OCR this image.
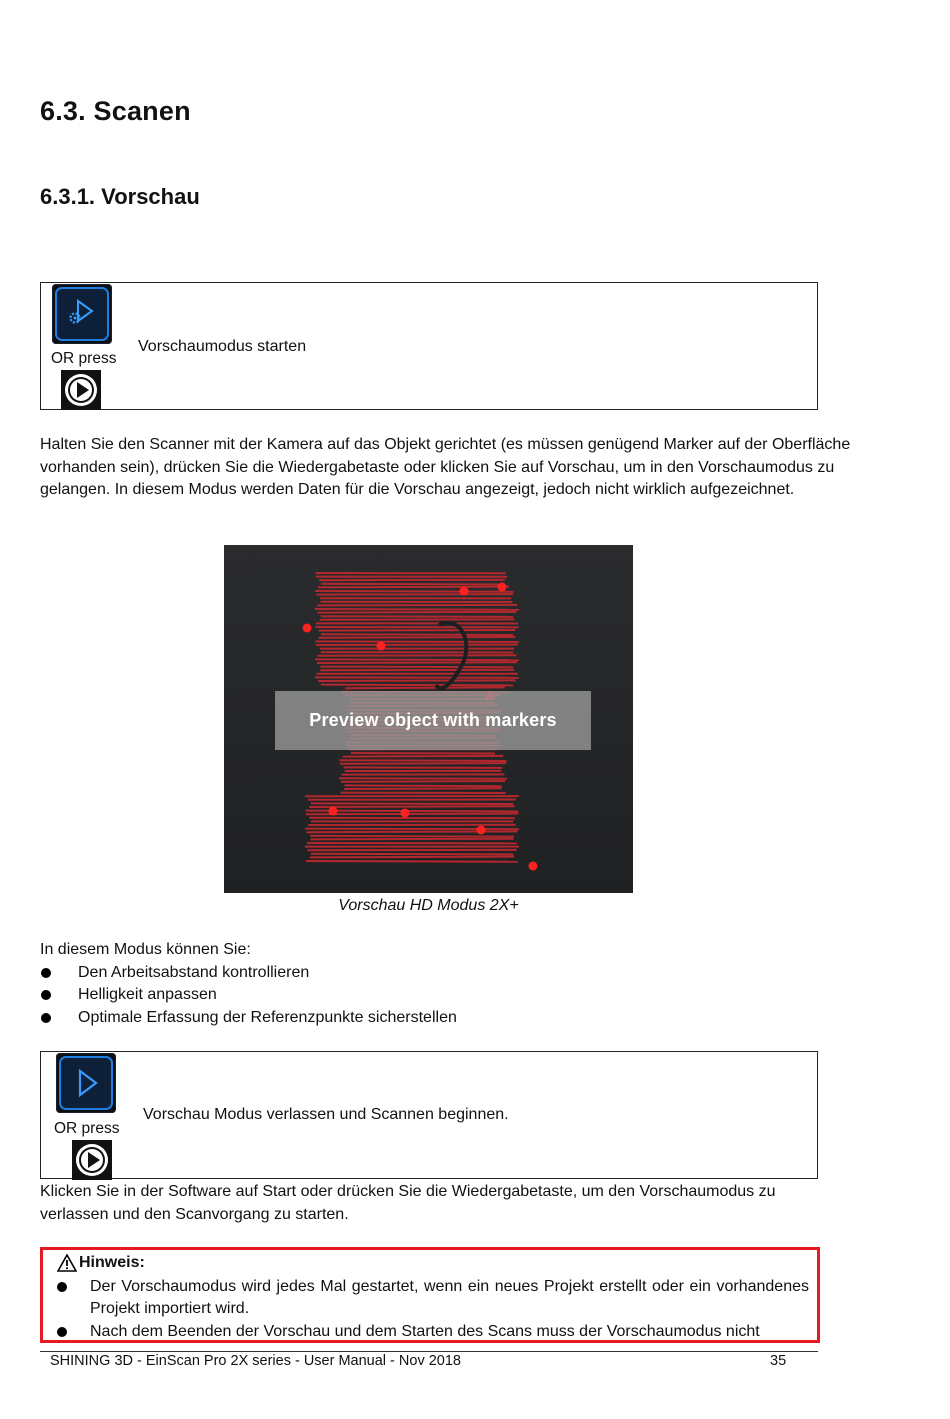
6.3. Scanen
6.3.1. Vorschau
OR press
Vorschaumodus starten

Halten Sie den Scanner mit der Kamera auf das Objekt gerichtet (es müssen genügend Marker auf der Oberfläche vorhanden sein), drücken Sie die Wiedergabetaste oder klicken Sie auf Vorschau, um in den Vorschaumodus zu gelangen. In diesem Modus werden Daten für die Vorschau angezeigt, jedoch nicht wirklich aufgezeichnet.

Preview object with markers
Vorschau HD Modus 2X+

In diesem Modus können Sie:

Den Arbeitsabstand kontrollieren
Helligkeit anpassen
Optimale Erfassung der Referenzpunkte sicherstellen
OR press
Vorschau Modus verlassen und Scannen beginnen.

Klicken Sie in der Software auf Start oder drücken Sie die Wiedergabetaste, um den Vorschaumodus zu verlassen und den Scanvorgang zu starten.

Hinweis:
Der Vorschaumodus wird jedes Mal gestartet, wenn ein neues Projekt erstellt oder ein vorhandenes Projekt importiert wird.
Nach dem Beenden der Vorschau und dem Starten des Scans muss der Vorschaumodus nicht
SHINING 3D - EinScan Pro 2X series - User Manual - Nov 2018	35
